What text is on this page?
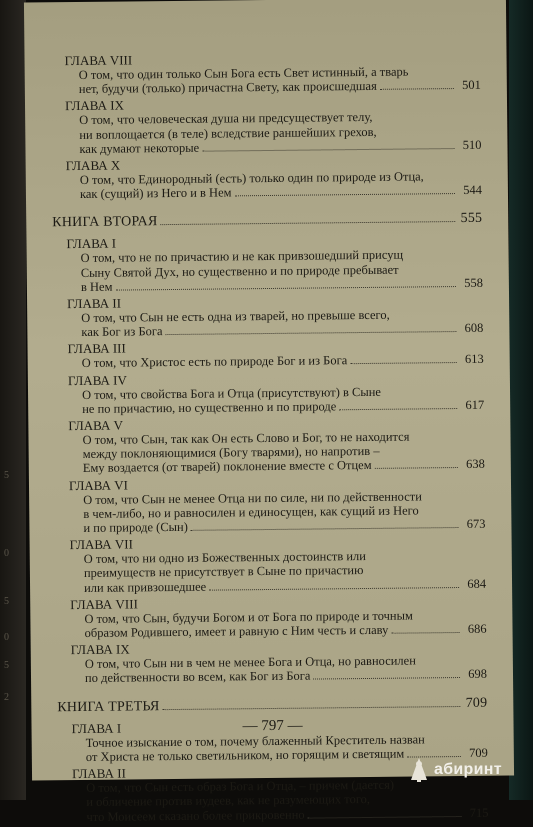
5
0
5
0
5
2
ГЛАВА VIII
О том, что один только Сын Бога есть Свет истинный, а тварь
нет, будучи (только) причастна Свету, как происшедшая	501
ГЛАВА IX
О том, что человеческая душа ни предсуществует телу,
ни воплощается (в теле) вследствие раншейших грехов,
как думают некоторые	510
ГЛАВА X
О том, что Единородный (есть) только один по природе из Отца,
как (сущий) из Него и в Нем	544
КНИГА ВТОРАЯ	555
ГЛАВА I
О том, что не по причастию и не как привзошедший присущ
Сыну Святой Дух, но существенно и по природе пребывает
в Нем	558
ГЛАВА II
О том, что Сын не есть одна из тварей, но превыше всего,
как Бог из Бога	608
ГЛАВА III
О том, что Христос есть по природе Бог и из Бога	613
ГЛАВА IV
О том, что свойства Бога и Отца (присутствуют) в Сыне
не по причастию, но существенно и по природе	617
ГЛАВА V
О том, что Сын, так как Он есть Слово и Бог, то не находится
между поклоняющимися (Богу тварями), но напротив –
Ему воздается (от тварей) поклонение вместе с Отцем	638
ГЛАВА VI
О том, что Сын не менее Отца ни по силе, ни по действенности
в чем-либо, но и равносилен и единосущен, как сущий из Него
и по природе (Сын)	673
ГЛАВА VII
О том, что ни одно из Божественных достоинств или
преимуществ не присутствует в Сыне по причастию
или как привзошедшее	684
ГЛАВА VIII
О том, что Сын, будучи Богом и от Бога по природе и точным
образом Родившего, имеет и равную с Ним честь и славу	686
ГЛАВА IX
О том, что Сын ни в чем не менее Бога и Отца, но равносилен
по действенности во всем, как Бог из Бога	698
КНИГА ТРЕТЬЯ	709
ГЛАВА I
Точное изыскание о том, почему блаженный Креститель назван
от Христа не только светильником, но горящим и светящим	709
ГЛАВА II
О том, что Сын есть образ Бога и Отца, – причем (дается)
и обличение против иудеев, как не разумеющих того,
что Моисеем сказано более прикровенно	715
— 797 —
абиринт
